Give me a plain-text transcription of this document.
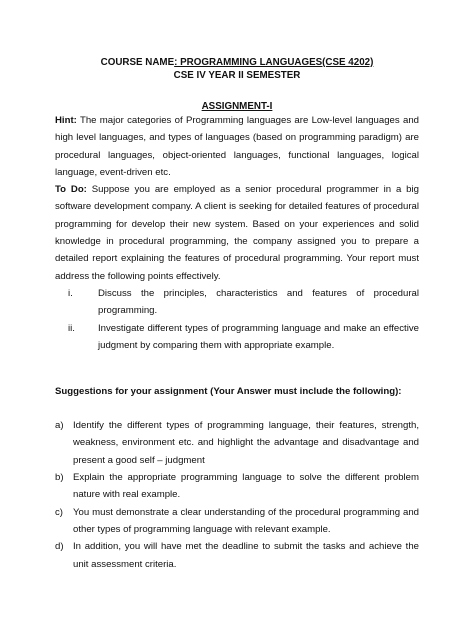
COURSE NAME: PROGRAMMING LANGUAGES(CSE 4202)
CSE IV YEAR II SEMESTER
ASSIGNMENT-I

Hint: The major categories of Programming languages are Low-level languages and high level languages, and types of languages (based on programming paradigm) are procedural languages, object-oriented languages, functional languages, logical language, event-driven etc.

To Do: Suppose you are employed as a senior procedural programmer in a big software development company. A client is seeking for detailed features of procedural programming for develop their new system. Based on your experiences and solid knowledge in procedural programming, the company assigned you to prepare a detailed report explaining the features of procedural programming. Your report must address the following points effectively.

i.	Discuss the principles, characteristics and features of procedural programming.
ii.	Investigate different types of programming language and make an effective judgment by comparing them with appropriate example.
Suggestions for your assignment (Your Answer must include the following):
a) Identify the different types of programming language, their features, strength, weakness, environment etc. and highlight the advantage and disadvantage and present a good self – judgment
b) Explain the appropriate programming language to solve the different problem nature with real example.
c)	You must demonstrate a clear understanding of the procedural programming and other types of programming language with relevant example.
d) In addition, you will have met the deadline to submit the tasks and achieve the unit assessment criteria.
